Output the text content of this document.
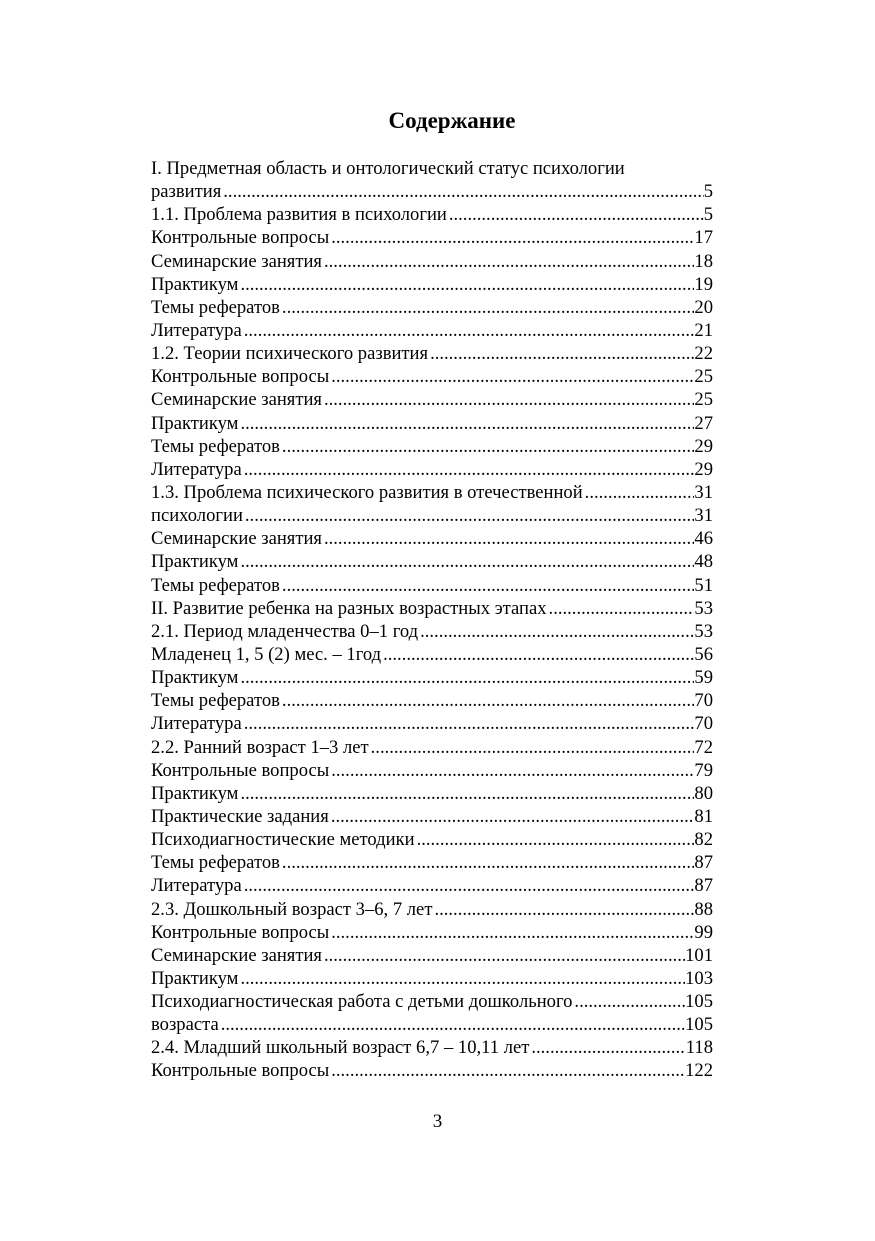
Содержание
I. Предметная область и онтологический статус психологии
развития .....	5
1.1. Проблема развития в психологии .....	5
Контрольные вопросы .....	17
Семинарские занятия .....	18
Практикум .....	19
Темы рефератов .....	20
Литература .....	21
1.2. Теории психического развития .....	22
Контрольные вопросы .....	25
Семинарские занятия .....	25
Практикум .....	27
Темы рефератов .....	29
Литература .....	29
1.3. Проблема психического развития в отечественной .....	31
психологии .....	31
Семинарские занятия .....	46
Практикум .....	48
Темы рефератов .....	51
II. Развитие ребенка на разных возрастных этапах .....	53
2.1. Период младенчества 0–1 год .....	53
Младенец 1, 5 (2) мес. – 1год .....	56
Практикум .....	59
Темы рефератов .....	70
Литература .....	70
2.2. Ранний возраст 1–3 лет .....	72
Контрольные вопросы .....	79
Практикум .....	80
Практические задания .....	81
Психодиагностические методики .....	82
Темы рефератов .....	87
Литература .....	87
2.3. Дошкольный возраст 3–6, 7 лет .....	88
Контрольные вопросы .....	99
Семинарские занятия .....	101
Практикум .....	103
Психодиагностическая работа с детьми дошкольного .....	105
возраста .....	105
2.4. Младший школьный возраст 6,7 – 10,11 лет .....	118
Контрольные вопросы .....	122
3
